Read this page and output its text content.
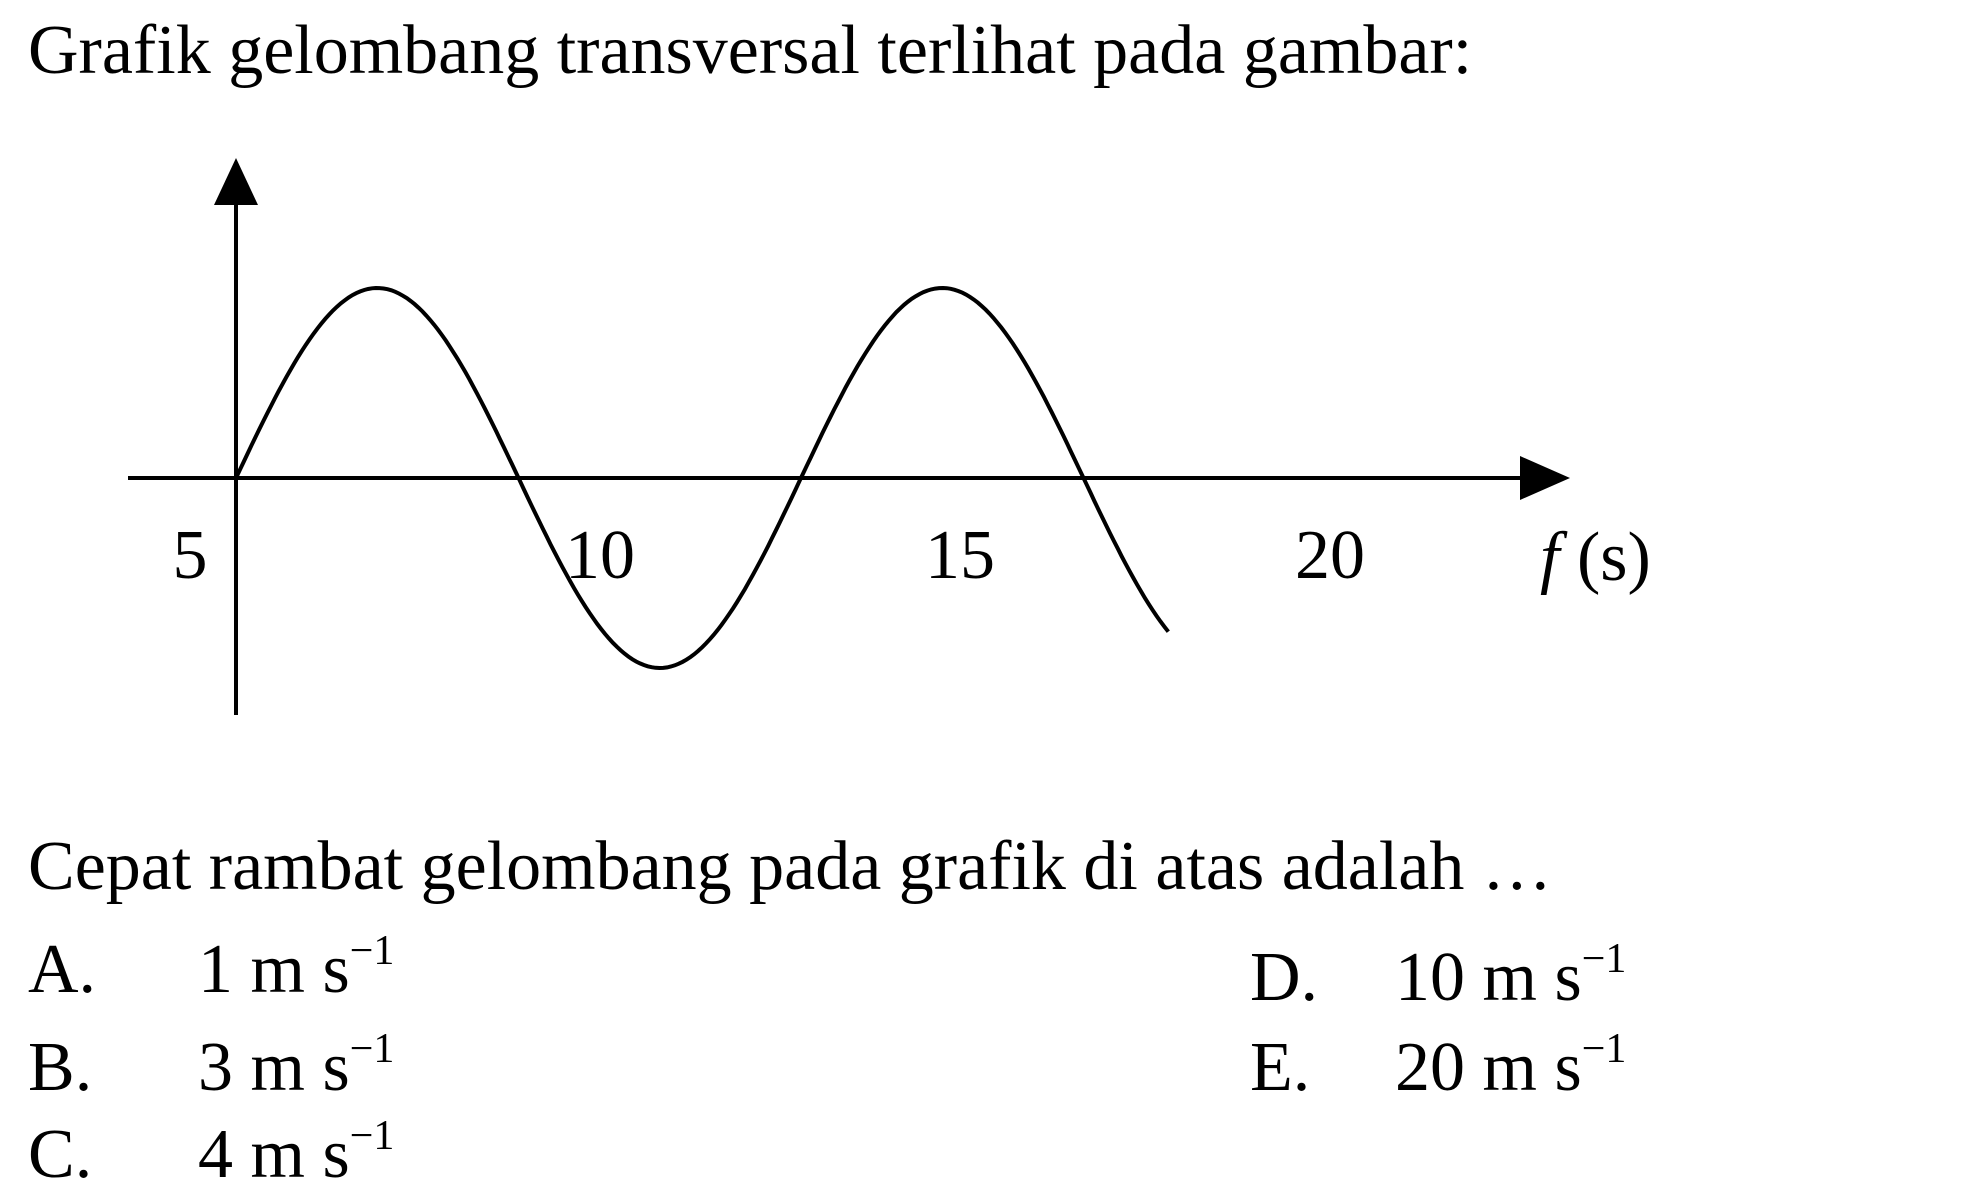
Grafik gelombang transversal terlihat pada gambar:
5	10	15	20	f (s)
Cepat rambat gelombang pada grafik di atas adalah …
A. 1 m $s^{-1}$
B. 3 m $s^{-1}$
C. 4 m $s^{-1}$
D. 10 m $s^{-1}$
E. 20 m $s^{-1}$
